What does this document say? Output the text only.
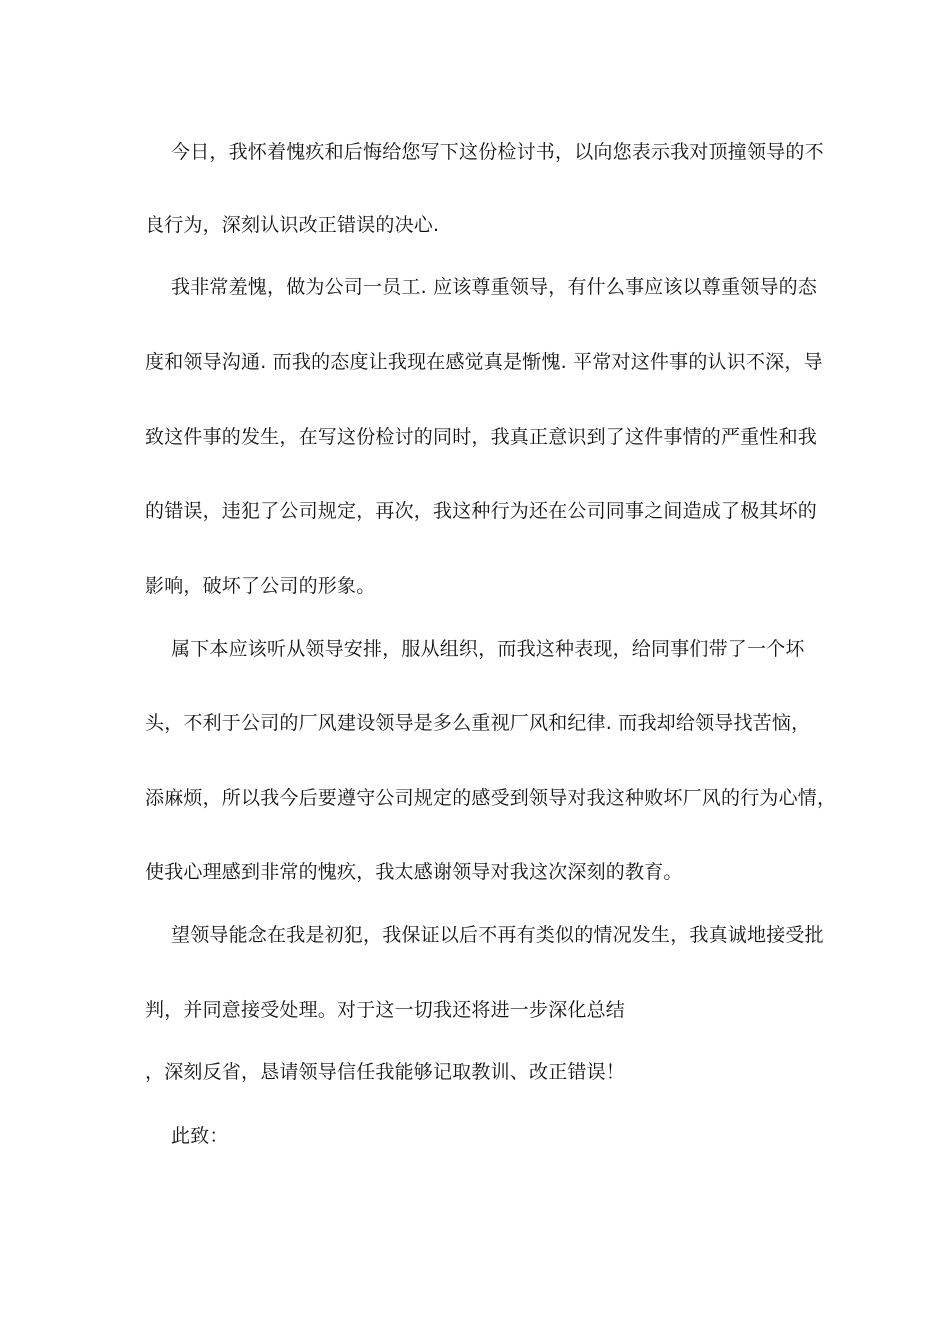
今日，我怀着愧疚和后悔给您写下这份检讨书，以向您表示我对顶撞领导的不
良行为，深刻认识改正错误的决心.
我非常羞愧，做为公司一员工. 应该尊重领导，有什么事应该以尊重领导的态
度和领导沟通. 而我的态度让我现在感觉真是惭愧. 平常对这件事的认识不深，导
致这件事的发生，在写这份检讨的同时，我真正意识到了这件事情的严重性和我
的错误，违犯了公司规定，再次，我这种行为还在公司同事之间造成了极其坏的
影响，破坏了公司的形象。
属下本应该听从领导安排，服从组织，而我这种表现，给同事们带了一个坏
头，不利于公司的厂风建设领导是多么重视厂风和纪律. 而我却给领导找苦恼，
添麻烦，所以我今后要遵守公司规定的感受到领导对我这种败坏厂风的行为心情，
使我心理感到非常的愧疚，我太感谢领导对我这次深刻的教育。
望领导能念在我是初犯，我保证以后不再有类似的情况发生，我真诚地接受批
判，并同意接受处理。对于这一切我还将进一步深化总结
，深刻反省，恳请领导信任我能够记取教训、改正错误！
此致：
